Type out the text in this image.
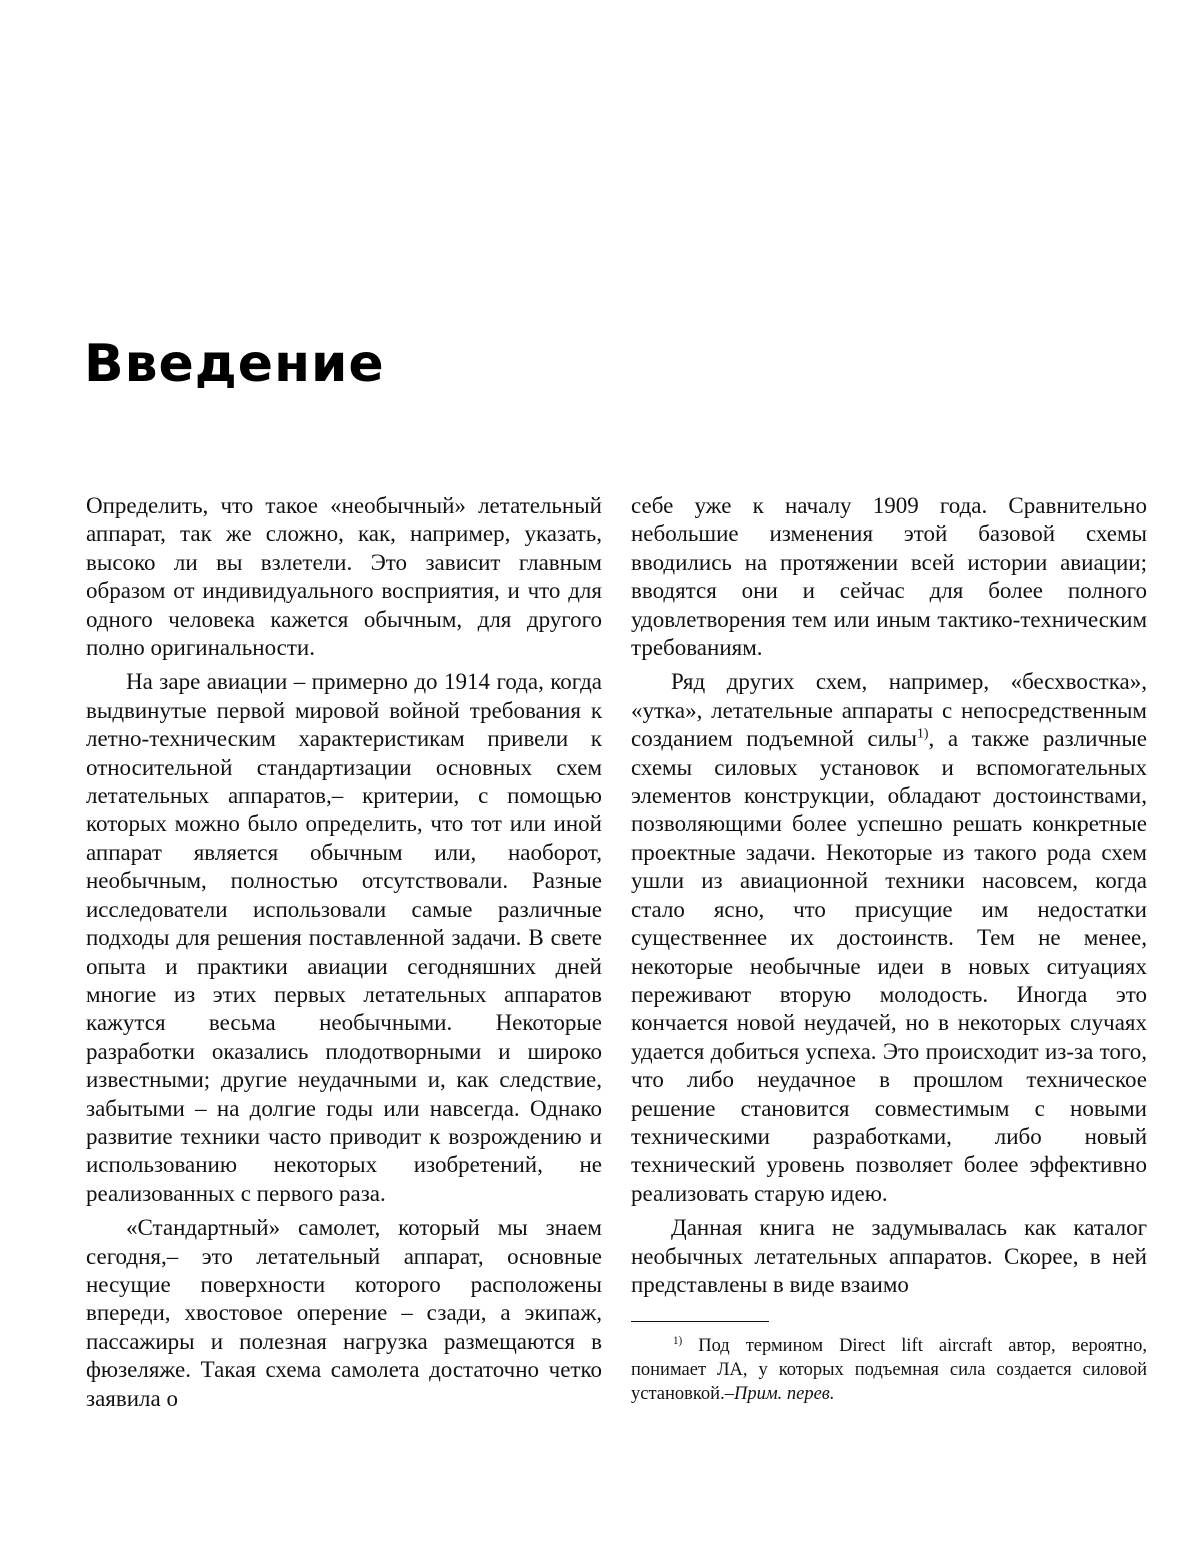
Введение

Определить, что такое «необычный» летательный аппарат, так же сложно, как, например, указать, высоко ли вы взлетели. Это зависит главным образом от индивидуального восприятия, и что для одного человека кажется обычным, для другого полно оригинальности.

На заре авиации – примерно до 1914 года, когда выдвинутые первой мировой войной требования к летно-техническим характеристикам привели к относительной стандартизации основных схем летательных аппаратов,– критерии, с помощью которых можно было определить, что тот или иной аппарат является обычным или, наоборот, необычным, полностью отсутствовали. Разные исследователи использовали самые различные подходы для решения поставленной задачи. В свете опыта и практики авиации сегодняшних дней многие из этих первых летательных аппаратов кажутся весьма необычными. Некоторые разработки оказались плодотворными и широко известными; другие неудачными и, как следствие, забытыми – на долгие годы или навсегда. Однако развитие техники часто приводит к возрождению и использованию некоторых изобретений, не реализованных с первого раза.

«Стандартный» самолет, который мы знаем сегодня,– это летательный аппарат, основные несущие поверхности которого расположены впереди, хвостовое оперение – сзади, а экипаж, пассажиры и полезная нагрузка размещаются в фюзеляже. Такая схема самолета достаточно четко заявила о

себе уже к началу 1909 года. Сравнительно небольшие изменения этой базовой схемы вводились на протяжении всей истории авиации; вводятся они и сейчас для более полного удовлетворения тем или иным тактико-техническим требованиям.

Ряд других схем, например, «бесхвостка», «утка», летательные аппараты с непосредственным созданием подъемной силы$^{1)}$, а также различные схемы силовых установок и вспомогательных элементов конструкции, обладают достоинствами, позволяющими более успешно решать конкретные проектные задачи. Некоторые из такого рода схем ушли из авиационной техники насовсем, когда стало ясно, что присущие им недостатки существеннее их достоинств. Тем не менее, некоторые необычные идеи в новых ситуациях переживают вторую молодость. Иногда это кончается новой неудачей, но в некоторых случаях удается добиться успеха. Это происходит из-за того, что либо неудачное в прошлом техническое решение становится совместимым с новыми техническими разработками, либо новый технический уровень позволяет более эффективно реализовать старую идею.

Данная книга не задумывалась как каталог необычных летательных аппаратов. Скорее, в ней представлены в виде взаимо

$^{1)}$ Под термином Direct lift aircraft автор, вероятно, понимает ЛА, у которых подъемная сила создается силовой установкой.–Прим. перев.
